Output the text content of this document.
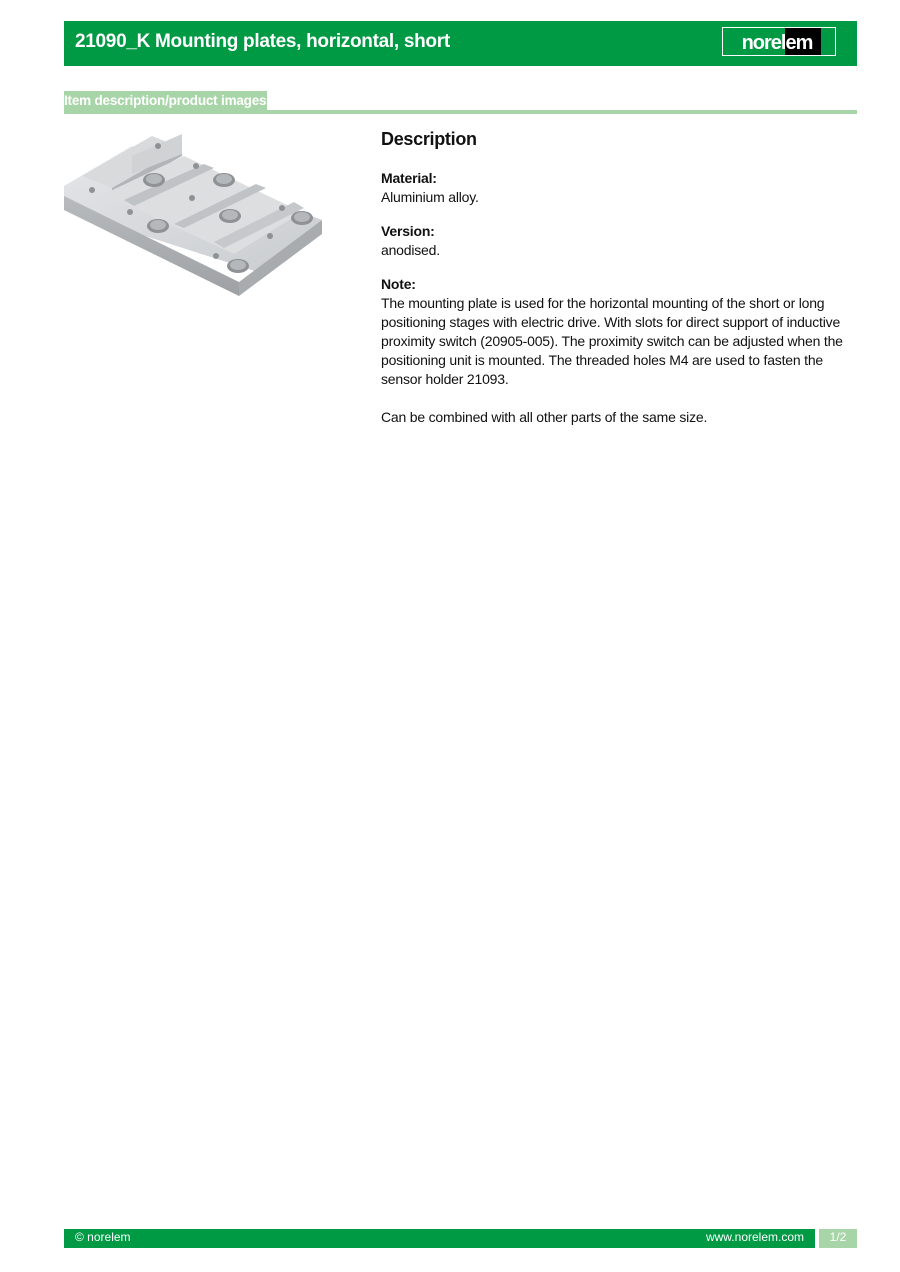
21090_K Mounting plates, horizontal, short	norelem
Item description/product images
Description
Material:
Aluminium alloy.
Version:
anodised.
Note:
The mounting plate is used for the horizontal mounting of the short or long positioning stages with electric drive. With slots for direct support of inductive proximity switch (20905-005). The proximity switch can be adjusted when the positioning unit is mounted. The threaded holes M4 are used to fasten the sensor holder 21093.
Can be combined with all other parts of the same size.
© norelem	www.norelem.com	1/2
